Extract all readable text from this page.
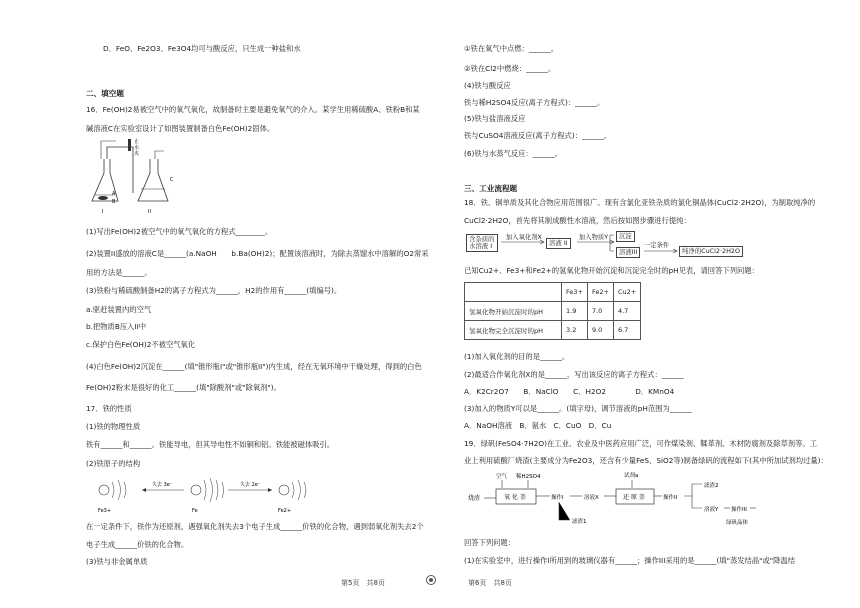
D．FeO、Fe2O3、Fe3O4均可与酸反应，只生成一种盐和水
二、填空题
16．Fe(OH)2易被空气中的氧气氧化，故制备时主要是避免氧气的介入。某学生用稀硫酸A、铁粉B和某
碱溶液C在实验室设计了如图装置制备白色Fe(OH)2固体。
止
水
夹
A
B
C
I	II
(1)写出Fe(OH)2被空气中的氧气氧化的方程式________。
(2)装置II盛放的溶液C是______(a.NaOH　　b.Ba(OH)2)；配置该溶液时，为除去蒸馏水中溶解的O2常采
用的方法是______。
(3)铁粉与稀硫酸制备H2的离子方程式为______，H2的作用有______(填编号)。
a.驱赶装置内的空气
b.把物质B压入II中
c.保护白色Fe(OH)2不被空气氧化
(4)白色Fe(OH)2沉淀在______(填"锥形瓶I"或"锥形瓶II")内生成，经在无氧环境中干燥处理，得到的白色
Fe(OH)2粉末是很好的化工______(填"除酸剂"或"除氧剂")。
17．铁的性质
(1)铁的物理性质
铁有______和______。铁能导电，但其导电性不如铜和铝。铁能被磁体吸引。
(2)铁原子的结构
失去 3e⁻	失去 2e⁻
Fe3+	Fe	Fe2+
在一定条件下，铁作为还原剂，遇强氧化剂失去3个电子生成______价铁的化合物，遇到弱氧化剂失去2个
电子生成______价铁的化合物。
(3)铁与非金属单质
①铁在氧气中点燃：______。
②铁在Cl2中燃烧：______。
(4)铁与酸反应
铁与稀H2SO4反应(离子方程式)：______。
(5)铁与盐溶液反应
铁与CuSO4溶液反应(离子方程式)：______。
(6)铁与水蒸气反应：______。
三、工业流程题
18．铁、铜单质及其化合物应用范围很广。现有含氯化亚铁杂质的氯化铜晶体(CuCl2·2H2O)，为制取纯净的
CuCl2·2H2O，首先将其制成酸性水溶液，然后按如图步骤进行提纯：
含杂质的
水溶液 I
加入氧化剂X
溶液 II
加入物质Y	沉淀
溶液III
一定条件
纯净的CuCl2·2H2O
已知Cu2+、Fe3+和Fe2+的氢氧化物开始沉淀和沉淀完全时的pH见表，请回答下列问题：
	Fe3+	Fe2+	Cu2+
氢氧化物开始沉淀时的pH	1.9	7.0	4.7
氢氧化物完全沉淀时的pH	3.2	9.0	6.7
(1)加入氧化剂的目的是______。
(2)最适合作氧化剂X的是______，写出该反应的离子方程式：______
A．K2Cr2O7　　B．NaClO　　C．H2O2　　　　D．KMnO4
(3)加入的物质Y可以是______。(填字母)，调节溶液的pH范围为______
A．NaOH溶液　B．氨水　C．CuO　D．Cu
19．绿矾(FeSO4·7H2O)在工业、农业及中医药应用广泛，可作煤染剂、鞣革剂、木材防腐剂及除草剂等。工
业上利用硫酸厂烧渣(主要成分为Fe2O3，还含有少量FeS、SiO2等)制备绿矾的流程如下(其中所加试剂均过量)：
空气 稀H2SO4
烧渣	氧 化 釜	操作I
滤渣1
溶液X
试剂a
还 原 釜	操作II
滤渣2
溶液Y 操作III
绿矾晶体
回答下列问题：
(1)在实验室中，进行操作I所用到的玻璃仪器有______；操作III采用的是______(填"蒸发结晶"或"降温结
第5页　共8页	第6页　共8页
